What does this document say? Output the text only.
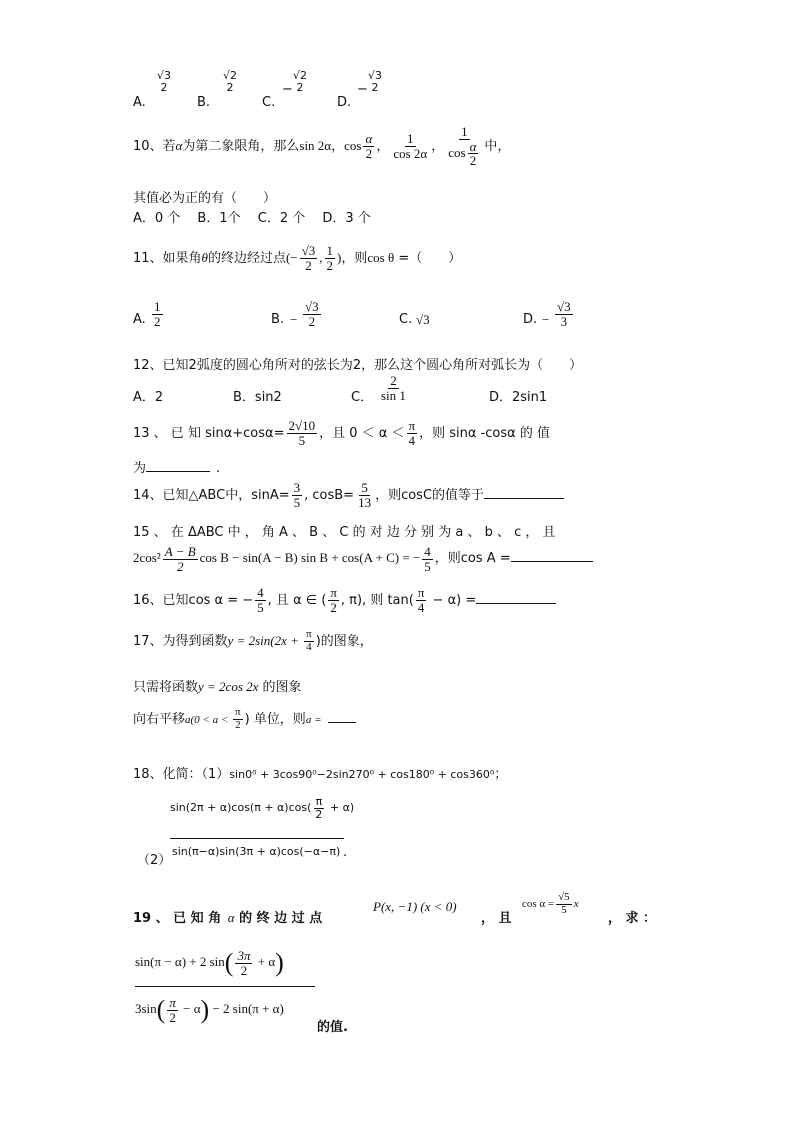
A.
√3
2
B.
√2
2
C.
−
√2
2
D.
−
√3
2
10、若α为第二象限角，那么sin 2α，$\cos \frac{\alpha}{2}$ ， $\frac{1}{\cos 2\alpha}$ ， $\frac{1}{\cos \frac{\alpha}{2}}$ 中，
其值必为正的有（　　）
A．0 个　 B．1个　 C．2 个　 D．3 个
11、如果角θ的终边经过点(− $\frac{√3}{2}$ , $\frac{1}{2}$ )，则cos θ =（　　）
A. $\frac{1}{2}$	B. − $\frac{√3}{2}$	C. √3	D. − $\frac{√3}{3}$
12、已知2弧度的圆心角所对的弦长为2，那么这个圆心角所对弧长为（　　）
A．2	B．sin2	C． $\frac{2}{\sin 1}$	D．2sin1
13 、 已 知 $\sin\alpha+\cos\alpha= \frac{2√10}{5}$ ，且 $0 < \alpha < \frac{\pi}{4}$ ，则 sinα -cosα 的 值
为	.
14、已知△ABC中，$\sin A= \frac{3}{5}$ , $\cos B= \frac{5}{13}$ ，则cosC的值等于
15 、 在 ΔABC 中 ， 角 A 、 B 、 C 的 对 边 分 别 为 a 、 b 、 c ， 且
$2\cos^2 \frac{A - B}{2}$ cos B − sin(A − B) sin B + cos(A + C) = − $\frac{4}{5}$ ，则cos A =
16、已知cos α = − $\frac{4}{5}$ , 且 α ∈ ( $\frac{\pi}{2}$ , π), 则 $\tan( \frac{\pi}{4} - \alpha)$ =
17、为得到函数$y = 2\sin(2x + \frac{\pi}{4}$ )的图象，
只需将函数y = 2cos 2x 的图象
向右平移$a(0 < a < \frac{\pi}{2}$ ) 单位，则a =
18、化简：（1）sin0⁰ + 3cos90⁰−2sin270⁰ + cos180⁰ + cos360⁰；
$\sin(2\pi + \alpha)\cos(\pi + \alpha)\cos( \frac{\pi}{2} + \alpha)$
（2）
sin(π−α)sin(3π + α)cos(−α−π) .
19 、 已 知 角 α 的 终 边 过 点
P(x, −1) (x < 0)
， 且
$\cos \alpha = \frac{√5}{5}$ x
， 求 ：
sin(π − α) + 2 $\sin( \frac{3\pi}{2} + \alpha)$
$3\sin( \frac{\pi}{2} - \alpha) - 2$ sin(π + α)
的值.
